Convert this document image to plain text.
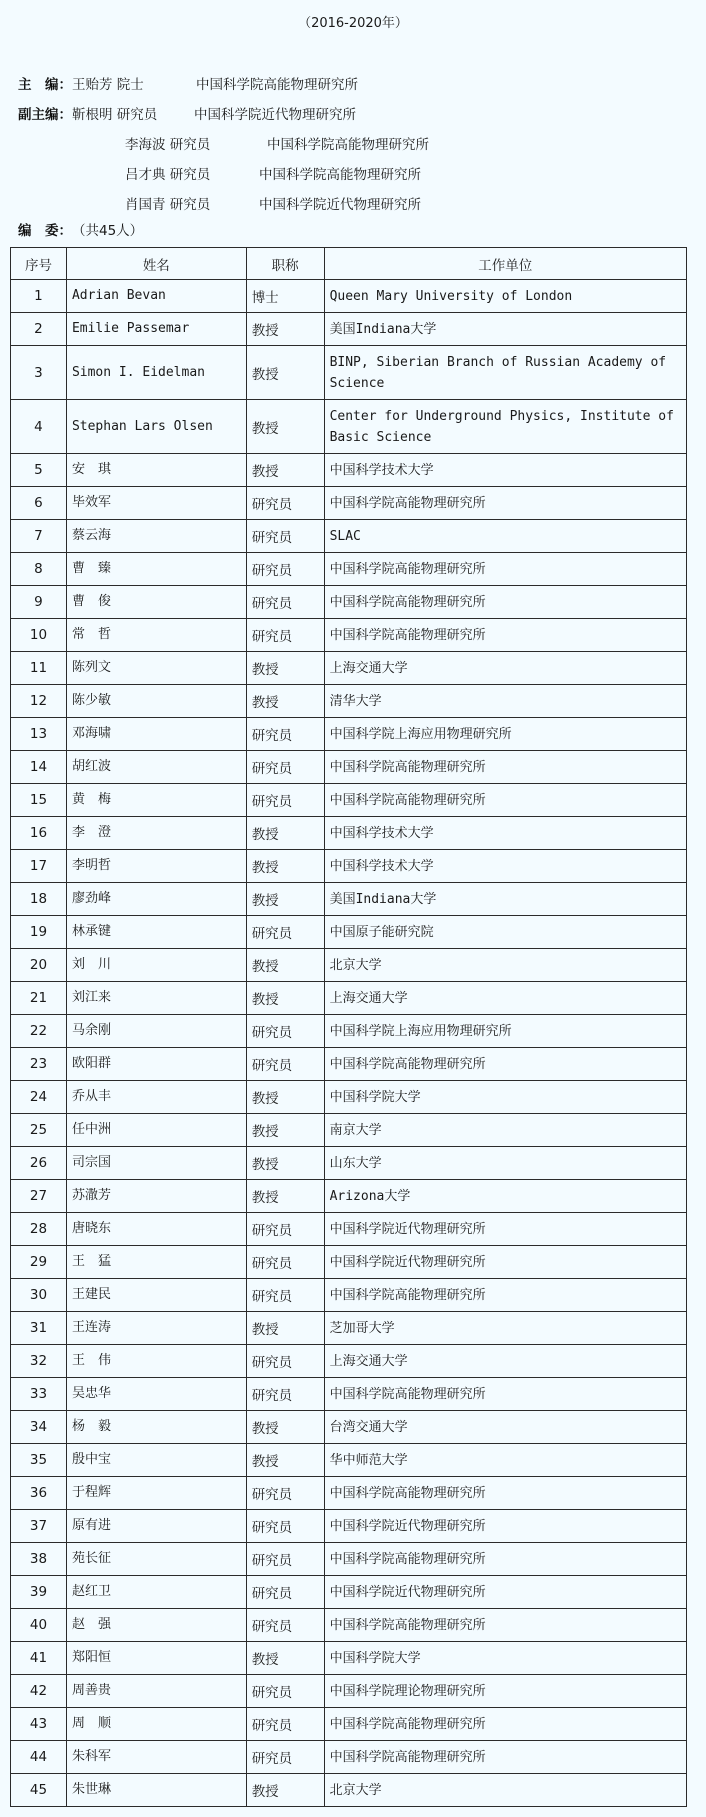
（2016-2020年）
主　编：王贻芳 院士	中国科学院高能物理研究所
副主编：靳根明 研究员	中国科学院近代物理研究所
李海波 研究员	中国科学院高能物理研究所
吕才典 研究员	中国科学院高能物理研究所
肖国青 研究员	中国科学院近代物理研究所
编　委：（共45人）
序号	姓名	职称	工作单位
1	Adrian Bevan	博士	Queen Mary University of London
2	Emilie Passemar	教授	美国Indiana大学
3	Simon I. Eidelman	教授	BINP, Siberian Branch of Russian Academy of Science
4	Stephan Lars Olsen	教授	Center for Underground Physics, Institute of Basic Science
5	安　琪	教授	中国科学技术大学
6	毕效军	研究员	中国科学院高能物理研究所
7	蔡云海	研究员	SLAC
8	曹　臻	研究员	中国科学院高能物理研究所
9	曹　俊	研究员	中国科学院高能物理研究所
10	常　哲	研究员	中国科学院高能物理研究所
11	陈列文	教授	上海交通大学
12	陈少敏	教授	清华大学
13	邓海啸	研究员	中国科学院上海应用物理研究所
14	胡红波	研究员	中国科学院高能物理研究所
15	黄　梅	研究员	中国科学院高能物理研究所
16	李　澄	教授	中国科学技术大学
17	李明哲	教授	中国科学技术大学
18	廖劲峰	教授	美国Indiana大学
19	林承键	研究员	中国原子能研究院
20	刘　川	教授	北京大学
21	刘江来	教授	上海交通大学
22	马余刚	研究员	中国科学院上海应用物理研究所
23	欧阳群	研究员	中国科学院高能物理研究所
24	乔从丰	教授	中国科学院大学
25	任中洲	教授	南京大学
26	司宗国	教授	山东大学
27	苏潵芳	教授	Arizona大学
28	唐晓东	研究员	中国科学院近代物理研究所
29	王　猛	研究员	中国科学院近代物理研究所
30	王建民	研究员	中国科学院高能物理研究所
31	王连涛	教授	芝加哥大学
32	王　伟	研究员	上海交通大学
33	吴忠华	研究员	中国科学院高能物理研究所
34	杨　毅	教授	台湾交通大学
35	殷中宝	教授	华中师范大学
36	于程辉	研究员	中国科学院高能物理研究所
37	原有进	研究员	中国科学院近代物理研究所
38	苑长征	研究员	中国科学院高能物理研究所
39	赵红卫	研究员	中国科学院近代物理研究所
40	赵　强	研究员	中国科学院高能物理研究所
41	郑阳恒	教授	中国科学院大学
42	周善贵	研究员	中国科学院理论物理研究所
43	周　顺	研究员	中国科学院高能物理研究所
44	朱科军	研究员	中国科学院高能物理研究所
45	朱世琳	教授	北京大学
